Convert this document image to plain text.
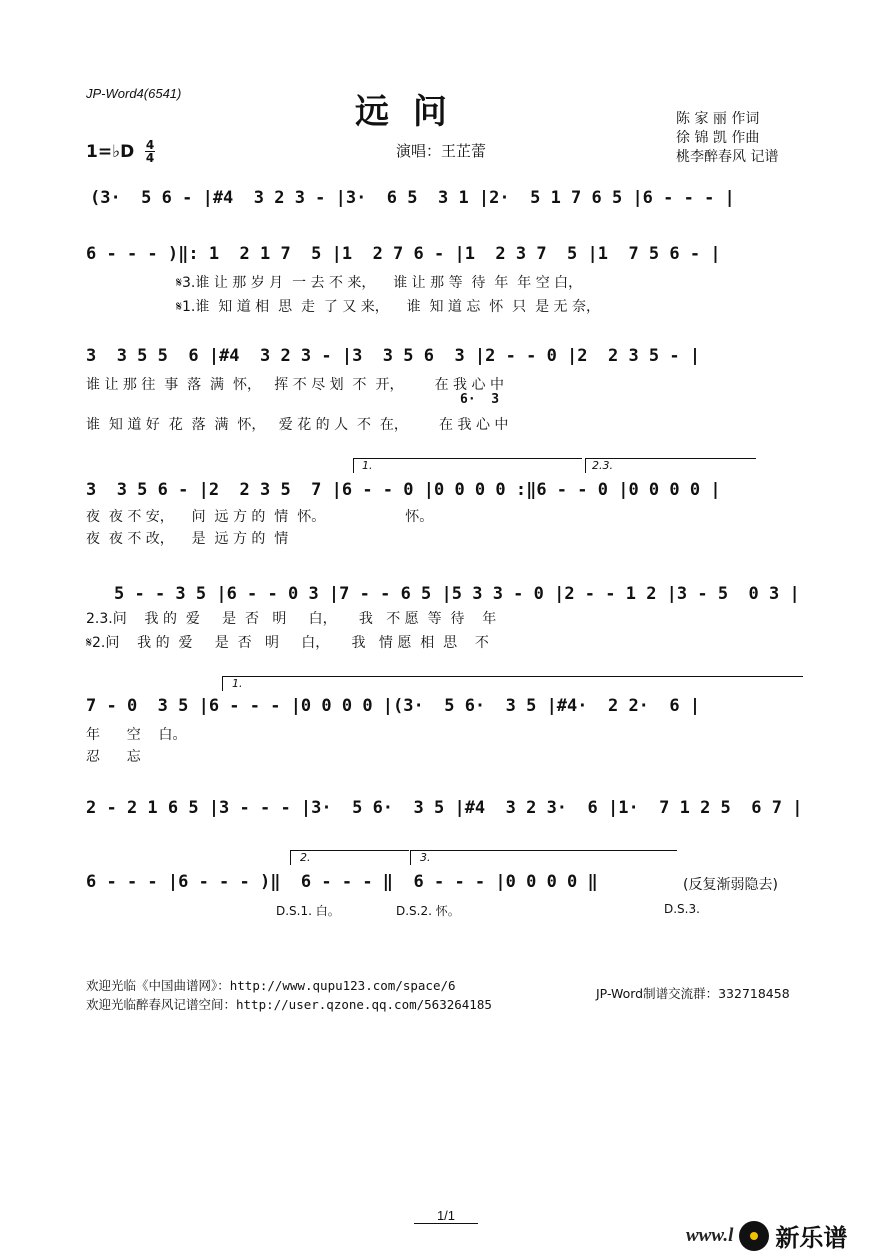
JP-Word4(6541)	远 问	陈 家 丽 作词
徐 锦 凯 作曲
桃李醉春风 记谱
1=♭D 4
4	演唱：王芷蕾
(3·  5 6 - |#4  3 2 3 - |3·  6 5  3 1 |2·  5 1 7 6 5 |6 - - - |
6 - - - )‖: 1  2 1 7  5 |1  2 7 6 - |1  2 3 7  5 |1  7 5 6 - |
𝄋3.谁 让 那 岁 月  一 去 不 来，    谁 让 那 等  待  年  年 空 白，
𝄋1.谁  知 道 相  思  走  了 又 来，    谁  知 道 忘  怀  只  是 无 奈，
3  3 5 5  6 |#4  3 2 3 - |3  3 5 6  3 |2 - - 0 |2  2 3 5 - |
谁 让 那 往  事  落  满  怀，   挥 不 尽 划  不  开，       在 我 心 中
6·  3
谁  知 道 好  花  落  满  怀，   爱 花 的 人  不  在，       在 我 心 中
1.	2.3.
3  3 5 6 - |2  2 3 5  7 |6 - - 0 |0 0 0 0 :‖6 - - 0 |0 0 0 0 |
夜  夜 不 安，    问  远 方 的  情  怀。                  怀。
夜  夜 不 改，    是  远 方 的  情
5 - - 3 5 |6 - - 0 3 |7 - - 6 5 |5 3 3 - 0 |2 - - 1 2 |3 - 5  0 3 |
2.3.问    我 的  爱     是  否   明     白，     我   不 愿  等  待    年
𝄋2.问    我 的  爱     是  否   明     白，     我   情 愿  相  思    不
1.
7 - 0  3 5 |6 - - - |0 0 0 0 |(3·  5 6·  3 5 |#4·  2 2·  6 |
年      空    白。
忍      忘
2 - 2 1 6 5 |3 - - - |3·  5 6·  3 5 |#4  3 2 3·  6 |1·  7 1 2 5  6 7 |
2.	3.
6 - - - |6 - - - )‖  6 - - - ‖  6 - - - |0 0 0 0 ‖	(反复渐弱隐去)
D.S.1. 白。	D.S.2. 怀。	D.S.3.
欢迎光临《中国曲谱网》：http://www.qupu123.com/space/6
欢迎光临醉春风记谱空间：http://user.qzone.qq.com/563264185
JP-Word制谱交流群：332718458
1/1
www.l 新乐谱
